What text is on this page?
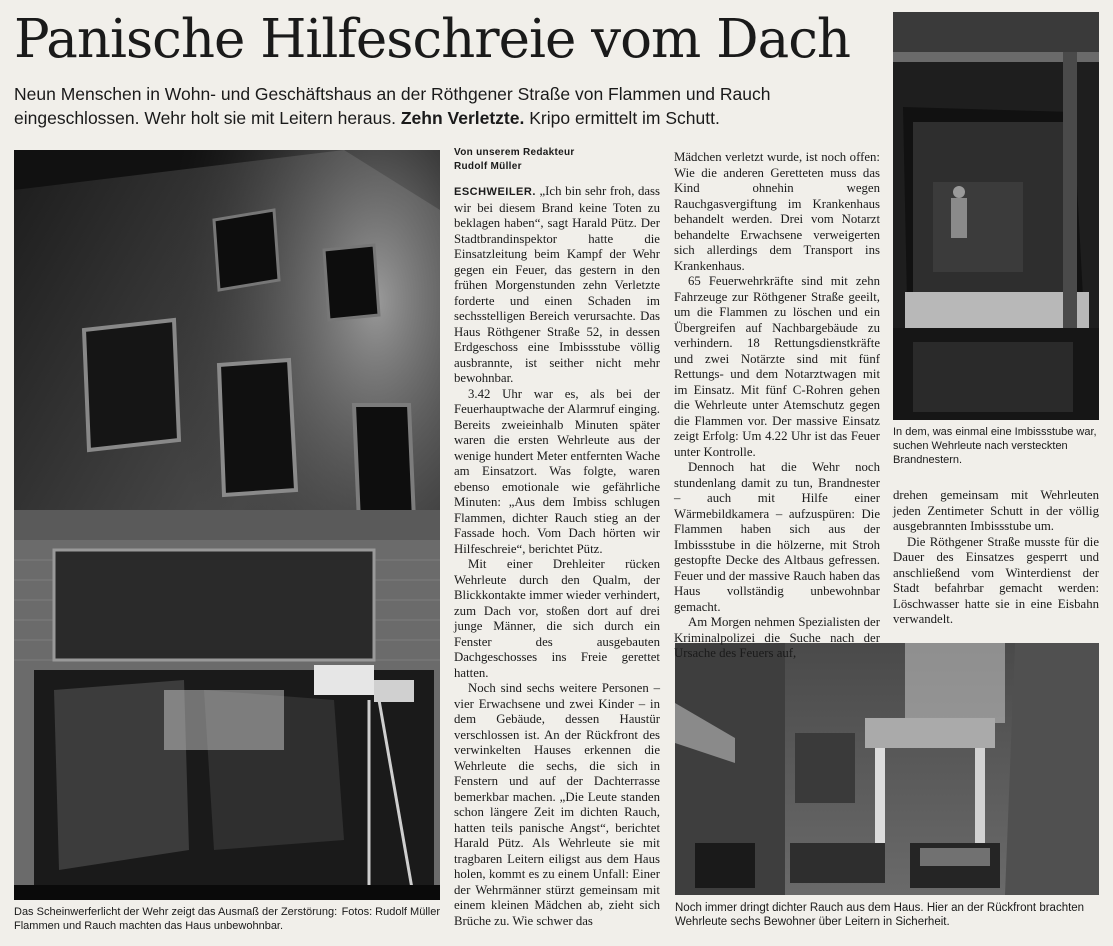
Panische Hilfeschreie vom Dach

Neun Menschen in Wohn- und Geschäftshaus an der Röthgener Straße von Flammen und Rauch eingeschlossen. Wehr holt sie mit Leitern heraus. Zehn Verletzte. Kripo ermittelt im Schutt.

Fotos: Rudolf Müller
Das Scheinwerferlicht der Wehr zeigt das Ausmaß der Zerstörung: Flammen und Rauch machten das Haus unbewohnbar.
In dem, was einmal eine Imbissstube war, suchen Wehrleute nach versteckten Brandnestern.
Noch immer dringt dichter Rauch aus dem Haus. Hier an der Rückfront brachten Wehrleute sechs Bewohner über Leitern in Sicherheit.
Von unserem Redakteur
Rudolf Müller

ESCHWEILER. „Ich bin sehr froh, dass wir bei diesem Brand keine Toten zu beklagen haben“, sagt Harald Pütz. Der Stadtbrandinspektor hatte die Einsatzleitung beim Kampf der Wehr gegen ein Feuer, das gestern in den frühen Morgenstunden zehn Verletzte forderte und einen Schaden im sechsstelligen Bereich verursachte. Das Haus Röthgener Straße 52, in dessen Erdgeschoss eine Imbissstube völlig ausbrannte, ist seither nicht mehr bewohnbar.

3.42 Uhr war es, als bei der Feuerhauptwache der Alarmruf einging. Bereits zweieinhalb Minuten später waren die ersten Wehrleute aus der wenige hundert Meter entfernten Wache am Einsatzort. Was folgte, waren ebenso emotionale wie gefährliche Minuten: „Aus dem Imbiss schlugen Flammen, dichter Rauch stieg an der Fassade hoch. Vom Dach hörten wir Hilfeschreie“, berichtet Pütz.

Mit einer Drehleiter rücken Wehrleute durch den Qualm, der Blickkontakte immer wieder verhindert, zum Dach vor, stoßen dort auf drei junge Männer, die sich durch ein Fenster des ausgebauten Dachgeschosses ins Freie gerettet hatten.

Noch sind sechs weitere Personen – vier Erwachsene und zwei Kinder – in dem Gebäude, dessen Haustür verschlossen ist. An der Rückfront des verwinkelten Hauses erkennen die Wehrleute die sechs, die sich in Fenstern und auf der Dachterrasse bemerkbar machen. „Die Leute standen schon längere Zeit im dichten Rauch, hatten teils panische Angst“, berichtet Harald Pütz. Als Wehrleute sie mit tragbaren Leitern eiligst aus dem Haus holen, kommt es zu einem Unfall: Einer der Wehrmänner stürzt gemeinsam mit einem kleinen Mädchen ab, zieht sich Brüche zu. Wie schwer das

Mädchen verletzt wurde, ist noch offen: Wie die anderen Geretteten muss das Kind ohnehin wegen Rauchgasvergiftung im Krankenhaus behandelt werden. Drei vom Notarzt behandelte Erwachsene verweigerten sich allerdings dem Transport ins Krankenhaus.

65 Feuerwehrkräfte sind mit zehn Fahrzeuge zur Röthgener Straße geeilt, um die Flammen zu löschen und ein Übergreifen auf Nachbargebäude zu verhindern. 18 Rettungsdienstkräfte und zwei Notärzte sind mit fünf Rettungs- und dem Notarztwagen mit im Einsatz. Mit fünf C-Rohren gehen die Wehrleute unter Atemschutz gegen die Flammen vor. Der massive Einsatz zeigt Erfolg: Um 4.22 Uhr ist das Feuer unter Kontrolle.

Dennoch hat die Wehr noch stundenlang damit zu tun, Brandnester – auch mit Hilfe einer Wärmebildkamera – aufzuspüren: Die Flammen haben sich aus der Imbissstube in die hölzerne, mit Stroh gestopfte Decke des Altbaus gefressen. Feuer und der massive Rauch haben das Haus vollständig unbewohnbar gemacht.

Am Morgen nehmen Spezialisten der Kriminalpolizei die Suche nach der Ursache des Feuers auf,

drehen gemeinsam mit Wehrleuten jeden Zentimeter Schutt in der völlig ausgebrannten Imbissstube um.

Die Röthgener Straße musste für die Dauer des Einsatzes gesperrt und anschließend vom Winterdienst der Stadt befahrbar gemacht werden: Löschwasser hatte sie in eine Eisbahn verwandelt.
